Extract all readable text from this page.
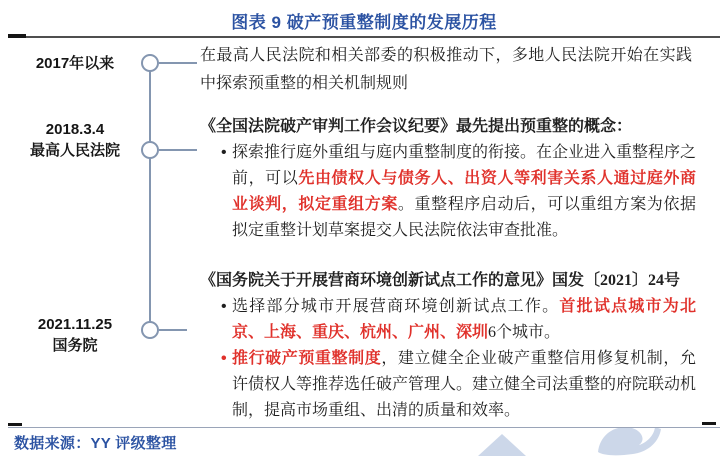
图表 9 破产预重整制度的发展历程
2017年以来
2018.3.4
最高人民法院
2021.11.25
国务院
在最高人民法院和相关部委的积极推动下，多地人民法院开始在实践中探索预重整的相关机制规则
《全国法院破产审判工作会议纪要》最先提出预重整的概念：
• 探索推行庭外重组与庭内重整制度的衔接。在企业进入重整程序之前，可以先由债权人与债务人、出资人等利害关系人通过庭外商业谈判，拟定重组方案。重整程序启动后，可以重组方案为依据拟定重整计划草案提交人民法院依法审查批准。
《国务院关于开展营商环境创新试点工作的意见》国发〔2021〕24号
• 选择部分城市开展营商环境创新试点工作。首批试点城市为北京、上海、重庆、杭州、广州、深圳6个城市。
• 推行破产预重整制度，建立健全企业破产重整信用修复机制，允许债权人等推荐选任破产管理人。建立健全司法重整的府院联动机制，提高市场重组、出清的质量和效率。
数据来源：YY 评级整理
